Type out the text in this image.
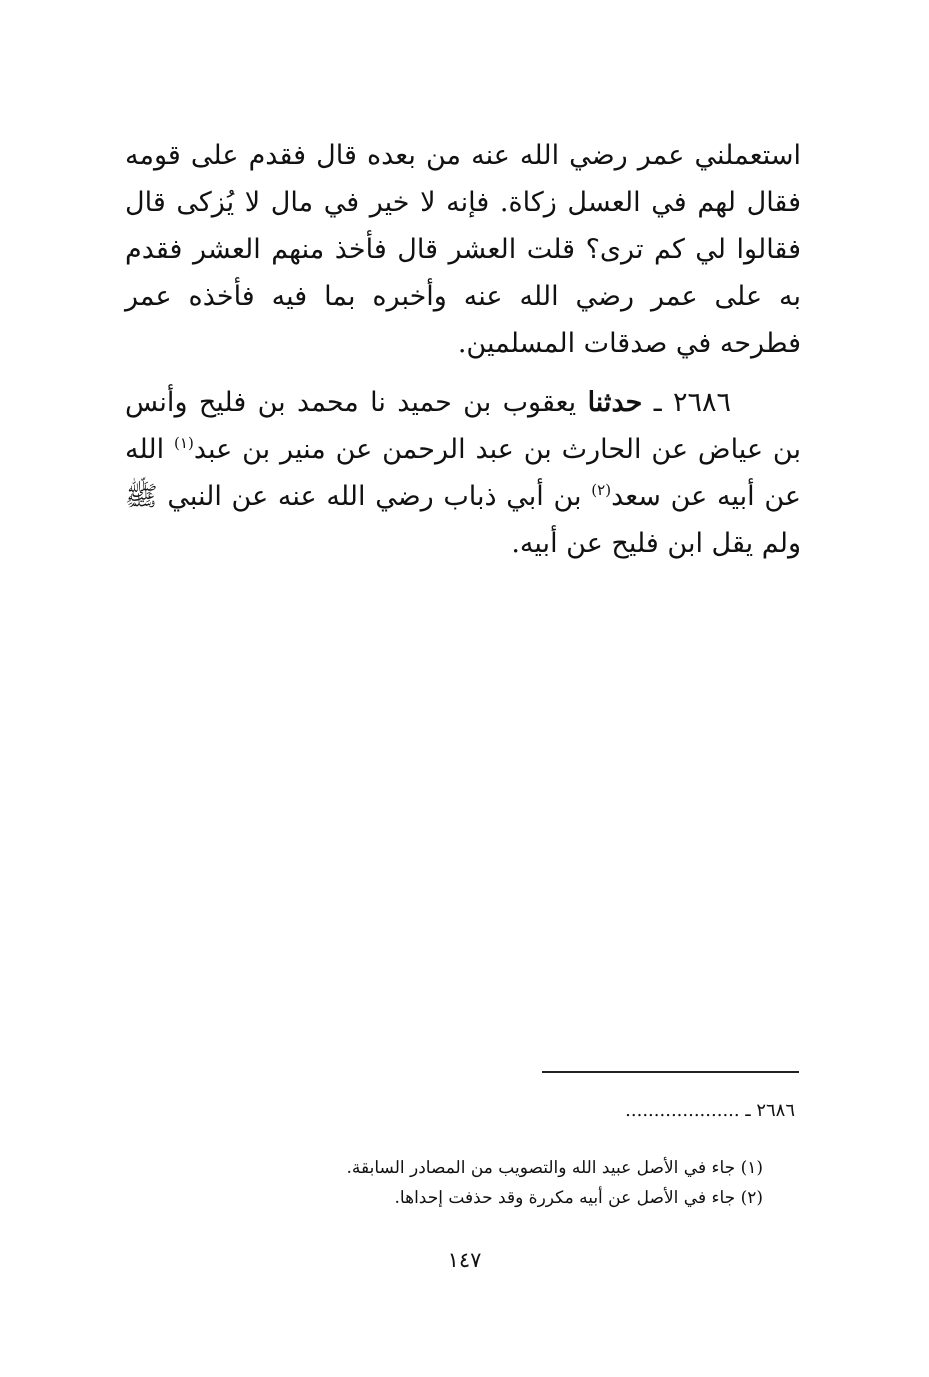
استعملني عمر رضي الله عنه من بعده قال فقدم على قومه فقال لهم في العسل زكاة. فإنه لا خير في مال لا يُزكى قال فقالوا لي كم ترى؟ قلت العشر قال فأخذ منهم العشر فقدم به على عمر رضي الله عنه وأخبره بما فيه فأخذه عمر فطرحه في صدقات المسلمين.

٢٦٨٦ ـ حدثنا يعقوب بن حميد نا محمد بن فليح وأنس بن عياض عن الحارث بن عبد الرحمن عن منير بن عبد$^{(١)}$ الله عن أبيه عن سعد$^{(٢)}$ بن أبي ذباب رضي الله عنه عن النبي ﷺ ولم يقل ابن فليح عن أبيه.

٢٦٨٦ ـ ....................

(١) جاء في الأصل عبيد الله والتصويب من المصادر السابقة.

(٢) جاء في الأصل عن أبيه مكررة وقد حذفت إحداها.

١٤٧
